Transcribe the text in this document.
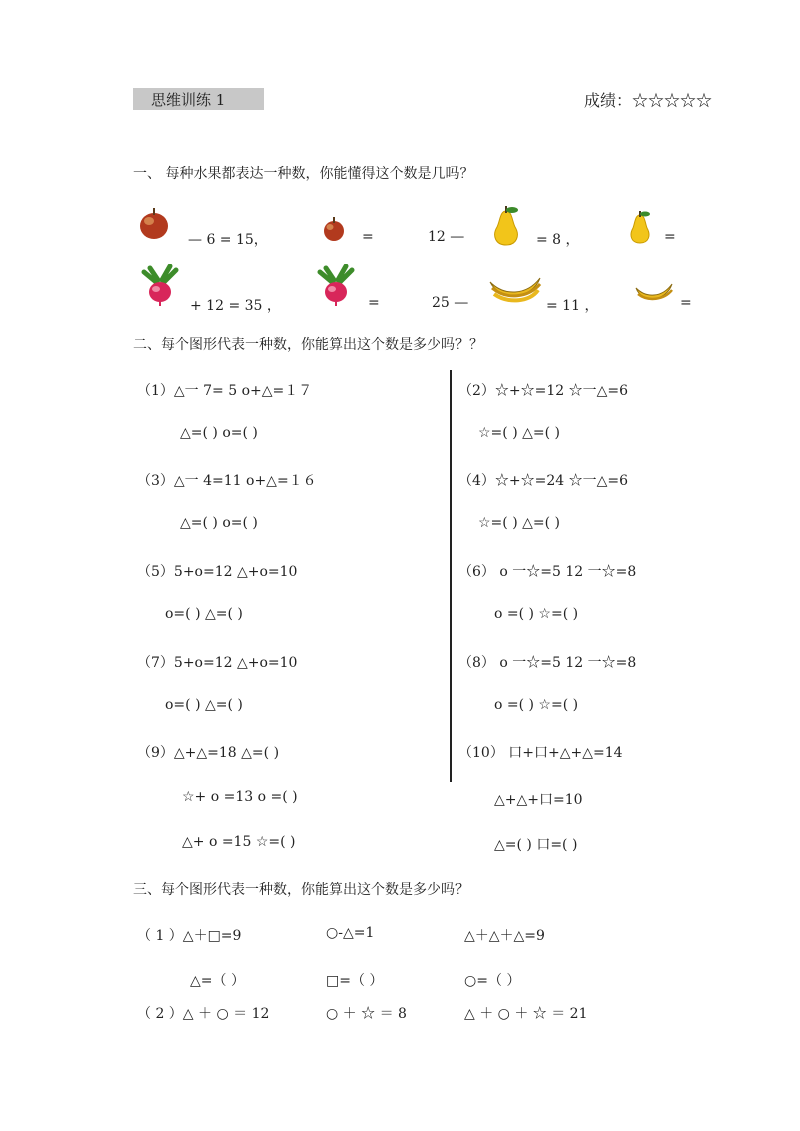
思维训练 1	成绩：☆☆☆☆☆
一、 每种水果都表达一种数，你能懂得这个数是几吗？
— 6 = 15，	=	12 —	= 8 ，	=
+ 12 = 35 ，	=	25 —	= 11 ，	=
二、每个图形代表一种数，你能算出这个数是多少吗？？
（1）△一 7= 5 o+△=１７
△=( ) o=( )
（3）△一 4=11 o+△=１６
△=( ) o=( )
（5）5+o=12 △+o=10
o=( ) △=( )
（7）5+o=12 △+o=10
o=( ) △=( )
（9）△+△=18 △=( )
☆+ o =13 o =( )
△+ o =15 ☆=( )
（2）☆+☆=12 ☆一△=6
☆=( ) △=( )
（4）☆+☆=24 ☆一△=6
☆=( ) △=( )
（6） o 一☆=5 12 一☆=8
o =( ) ☆=( )
（8） o 一☆=5 12 一☆=8
o =( ) ☆=( )
（10） 口+口+△+△=14
△+△+口=10
△=( ) 口=( )
三、每个图形代表一种数，你能算出这个数是多少吗？
（ 1 ）△＋□=9	○-△=1	△＋△＋△=9
△=（ ）	□=（ ）	○=（ ）
（ 2 ）△ ＋ ○ ＝ 12	○ ＋ ☆ ＝ 8	△ ＋ ○ ＋ ☆ ＝ 21
